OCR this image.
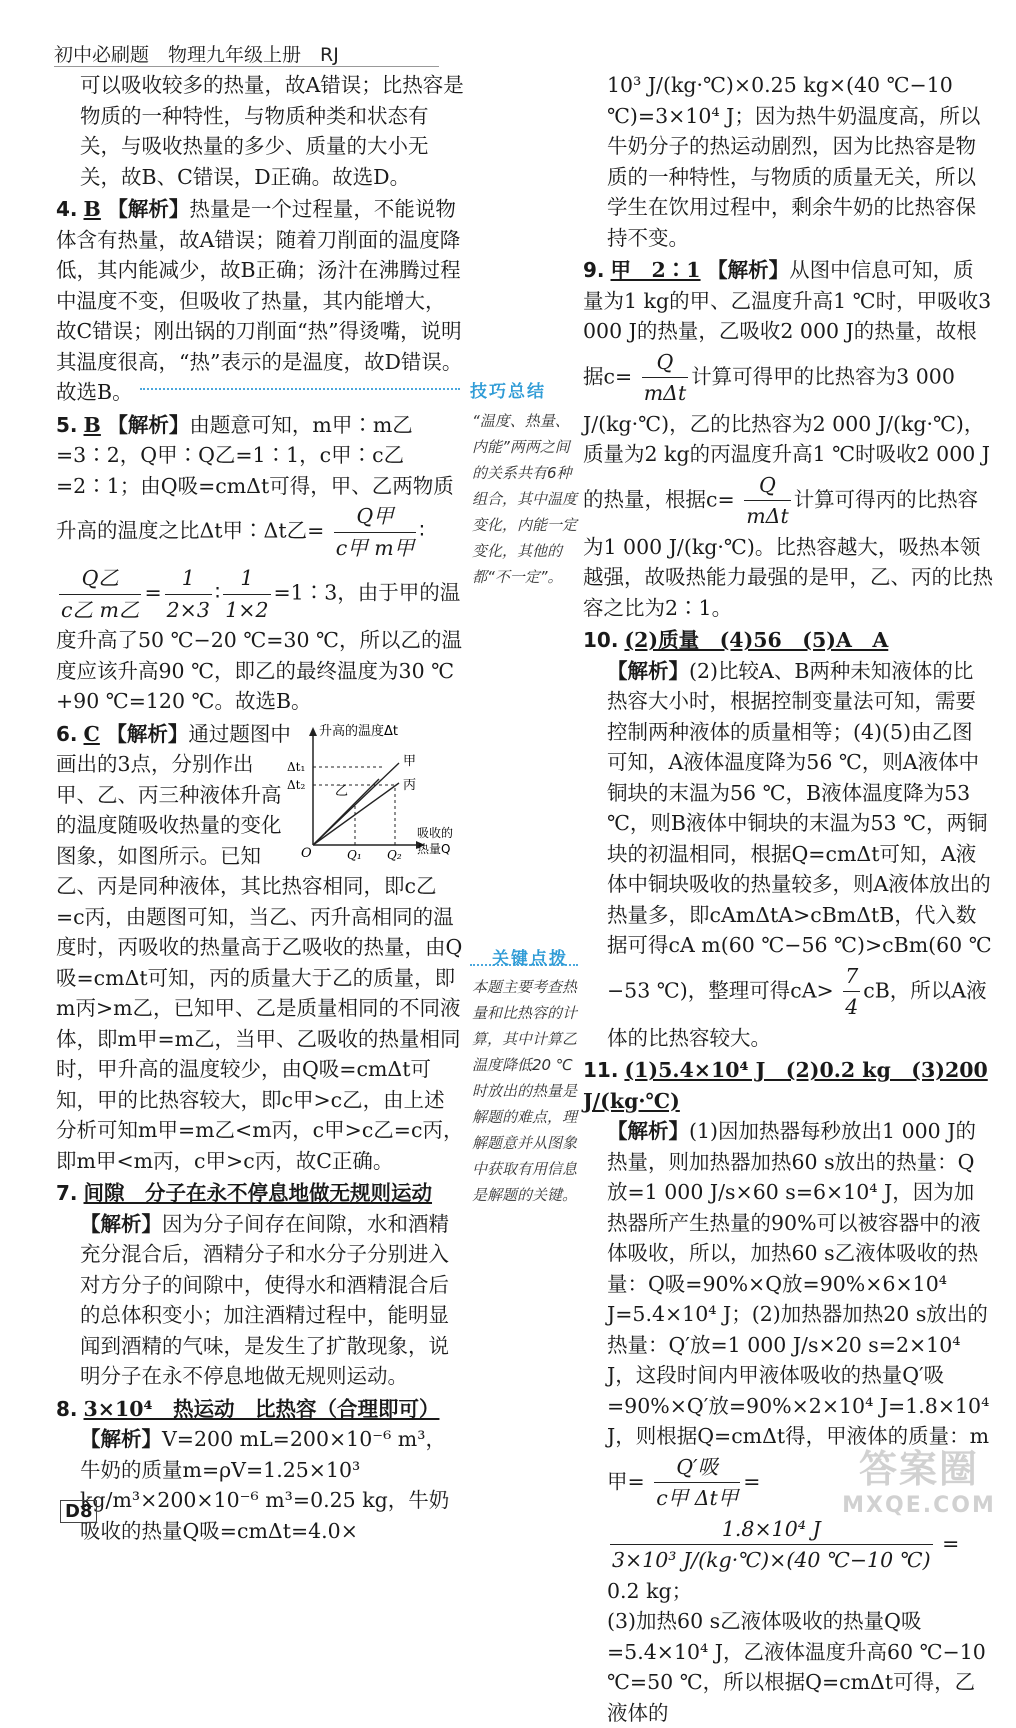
初中必刷题　物理九年级上册　RJ
可以吸收较多的热量，故A错误；比热容是物质的一种特性，与物质种类和状态有关，与吸收热量的多少、质量的大小无关，故B、C错误，D正确。故选D。
4. B 【解析】热量是一个过程量，不能说物体含有热量，故A错误；随着刀削面的温度降低，其内能减少，故B正确；汤汁在沸腾过程中温度不变，但吸收了热量，其内能增大，故C错误；刚出锅的刀削面“热”得烫嘴，说明其温度很高，“热”表示的是温度，故D错误。故选B。
5. B 【解析】由题意可知，m甲∶m乙=3∶2，Q甲∶Q乙=1∶1，c甲∶c乙=2∶1；由Q吸=cmΔt可得，甲、乙两物质升高的温度之比Δt甲∶Δt乙= $\frac{\text{Q甲}}{\text{c甲 m甲}}$ ∶
$\frac{\text{Q乙}}{\text{c乙 m乙}} = \frac{1}{2\times 3}$ ∶ $\frac{1}{1\times 2}$ =1∶3，由于甲的温度升高了50 ℃−20 ℃=30 ℃，所以乙的温度应该升高90 ℃，即乙的最终温度为30 ℃+90 ℃=120 ℃。故选B。
升高的温度Δt
Δt₁
Δt₂
甲
乙	丙
O	Q₁ Q₂
吸收的
热量Q
6. C 【解析】通过题图中画出的3点，分别作出甲、乙、丙三种液体升高的温度随吸收热量的变化图象，如图所示。已知乙、丙是同种液体，其比热容相同，即c乙=c丙，由题图可知，当乙、丙升高相同的温度时，丙吸收的热量高于乙吸收的热量，由Q吸=cmΔt可知，丙的质量大于乙的质量，即m丙>m乙，已知甲、乙是质量相同的不同液体，即m甲=m乙，当甲、乙吸收的热量相同时，甲升高的温度较少，由Q吸=cmΔt可知，甲的比热容较大，即c甲>c乙，由上述分析可知m甲=m乙<m丙，c甲>c乙=c丙，即m甲<m丙，c甲>c丙，故C正确。
7. 间隙　分子在永不停息地做无规则运动
【解析】因为分子间存在间隙，水和酒精充分混合后，酒精分子和水分子分别进入对方分子的间隙中，使得水和酒精混合后的总体积变小；加注酒精过程中，能明显闻到酒精的气味，是发生了扩散现象，说明分子在永不停息地做无规则运动。
8. 3×10⁴　热运动　比热容（合理即可）
【解析】V=200 mL=200×10⁻⁶ m³，牛奶的质量m=ρV=1.25×10³ kg/m³×200×10⁻⁶ m³=0.25 kg，牛奶吸收的热量Q吸=cmΔt=4.0×
技巧总结
“温度、热量、内能”两两之间的关系共有6种组合，其中温度变化，内能一定变化，其他的都“不一定”。
关键点拨
本题主要考查热量和比热容的计算，其中计算乙温度降低20 ℃时放出的热量是解题的难点，理解题意并从图象中获取有用信息是解题的关键。
10³ J/(kg·℃)×0.25 kg×(40 ℃−10 ℃)=3×10⁴ J；因为热牛奶温度高，所以牛奶分子的热运动剧烈，因为比热容是物质的一种特性，与物质的质量无关，所以学生在饮用过程中，剩余牛奶的比热容保持不变。
9. 甲　2∶1 【解析】从图中信息可知，质量为1 kg的甲、乙温度升高1 ℃时，甲吸收3 000 J的热量，乙吸收2 000 J的热量，故根据$c= \frac{Q}{\text{mΔt}}$ 计算可得甲的比热容为3 000 J/(kg·℃)，乙的比热容为2 000 J/(kg·℃)，质量为2 kg的丙温度升高1 ℃时吸收2 000 J的热量，根据$c= \frac{Q}{\text{mΔt}}$ 计算可得丙的比热容为1 000 J/(kg·℃)。比热容越大，吸热本领越强，故吸热能力最强的是甲，乙、丙的比热容之比为2∶1。
10. (2)质量　(4)56　(5)A　A
【解析】(2)比较A、B两种未知液体的比热容大小时，根据控制变量法可知，需要控制两种液体的质量相等；(4)(5)由乙图可知，A液体温度降为56 ℃，则A液体中铜块的末温为56 ℃，B液体温度降为53 ℃，则B液体中铜块的末温为53 ℃，两铜块的初温相同，根据Q=cmΔt可知，A液体中铜块吸收的热量较多，则A液体放出的热量多，即cAmΔtA>cBmΔtB，代入数据可得cA m(60 ℃−56 ℃)>cBm(60 ℃−53 ℃)，整理可得$cA> \frac{7}{4}$ cB，所以A液体的比热容较大。
11. (1)5.4×10⁴ J　(2)0.2 kg　(3)200 J/(kg·℃)
【解析】(1)因加热器每秒放出1 000 J的热量，则加热器加热60 s放出的热量：Q放=1 000 J/s×60 s=6×10⁴ J，因为加热器所产生热量的90%可以被容器中的液体吸收，所以，加热60 s乙液体吸收的热量：Q吸=90%×Q放=90%×6×10⁴ J=5.4×10⁴ J；(2)加热器加热20 s放出的热量：Q′放=1 000 J/s×20 s=2×10⁴ J，这段时间内甲液体吸收的热量Q′吸=90%×Q′放=90%×2×10⁴ J=1.8×10⁴ J，则根据Q=cmΔt得，甲液体的质量：m甲= $\frac{\text{Q′吸}}{\text{c甲 Δt甲}}$ =
$\frac{\text{1.8×10⁴ J}}{\text{3×10³ J/(kg·℃)×(40 ℃−10 ℃)}} = 0.2$ kg；
(3)加热60 s乙液体吸收的热量Q吸=5.4×10⁴ J，乙液体温度升高60 ℃−10 ℃=50 ℃，所以根据Q=cmΔt可得，乙液体的
D8
答案圈
MXQE.COM
